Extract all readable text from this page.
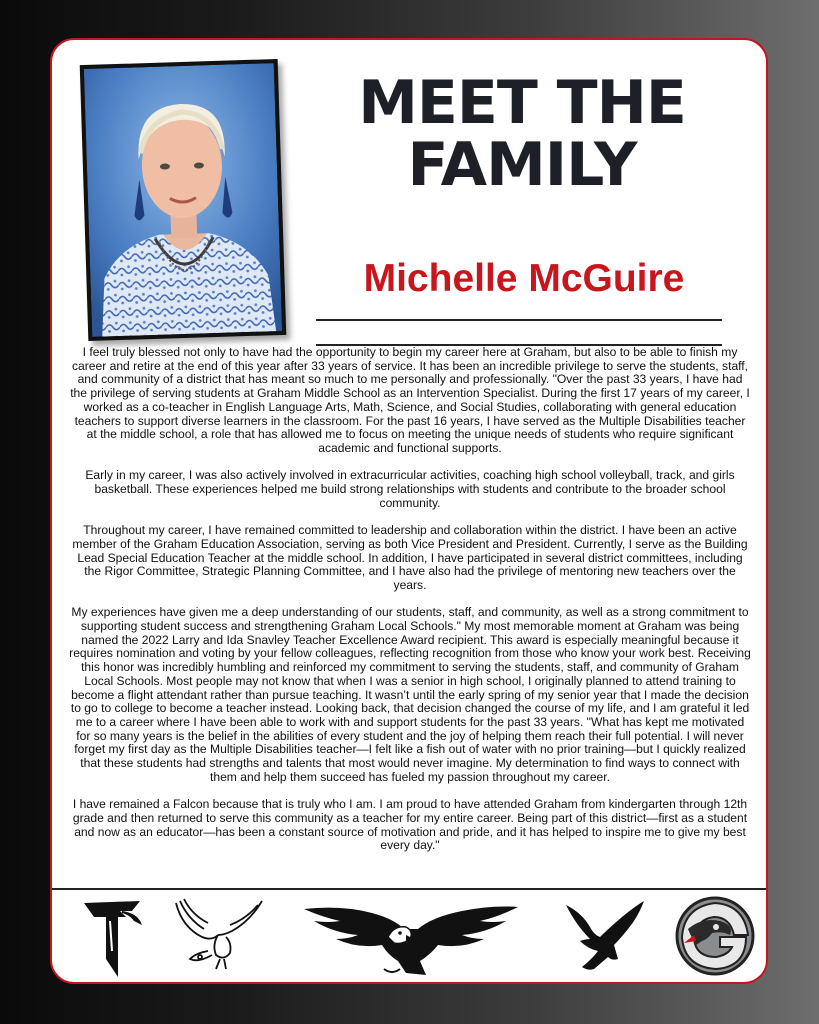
MEET THE
FAMILY
Michelle McGuire

I feel truly blessed not only to have had the opportunity to begin my career here at Graham, but also to be able to finish my career and retire at the end of this year after 33 years of service. It has been an incredible privilege to serve the students, staff, and community of a district that has meant so much to me personally and professionally. "Over the past 33 years, I have had the privilege of serving students at Graham Middle School as an Intervention Specialist. During the first 17 years of my career, I worked as a co-teacher in English Language Arts, Math, Science, and Social Studies, collaborating with general education teachers to support diverse learners in the classroom. For the past 16 years, I have served as the Multiple Disabilities teacher at the middle school, a role that has allowed me to focus on meeting the unique needs of students who require significant academic and functional supports.

Early in my career, I was also actively involved in extracurricular activities, coaching high school volleyball, track, and girls basketball. These experiences helped me build strong relationships with students and contribute to the broader school community.

Throughout my career, I have remained committed to leadership and collaboration within the district. I have been an active member of the Graham Education Association, serving as both Vice President and President. Currently, I serve as the Building Lead Special Education Teacher at the middle school. In addition, I have participated in several district committees, including the Rigor Committee, Strategic Planning Committee, and I have also had the privilege of mentoring new teachers over the years.

My experiences have given me a deep understanding of our students, staff, and community, as well as a strong commitment to supporting student success and strengthening Graham Local Schools." My most memorable moment at Graham was being named the 2022 Larry and Ida Snavley Teacher Excellence Award recipient. This award is especially meaningful because it requires nomination and voting by your fellow colleagues, reflecting recognition from those who know your work best. Receiving this honor was incredibly humbling and reinforced my commitment to serving the students, staff, and community of Graham Local Schools. Most people may not know that when I was a senior in high school, I originally planned to attend training to become a flight attendant rather than pursue teaching. It wasn’t until the early spring of my senior year that I made the decision to go to college to become a teacher instead. Looking back, that decision changed the course of my life, and I am grateful it led me to a career where I have been able to work with and support students for the past 33 years. "What has kept me motivated for so many years is the belief in the abilities of every student and the joy of helping them reach their full potential. I will never forget my first day as the Multiple Disabilities teacher—I felt like a fish out of water with no prior training—but I quickly realized that these students had strengths and talents that most would never imagine. My determination to find ways to connect with them and help them succeed has fueled my passion throughout my career.

I have remained a Falcon because that is truly who I am. I am proud to have attended Graham from kindergarten through 12th grade and then returned to serve this community as a teacher for my entire career. Being part of this district—first as a student and now as an educator—has been a constant source of motivation and pride, and it has helped to inspire me to give my best every day."
